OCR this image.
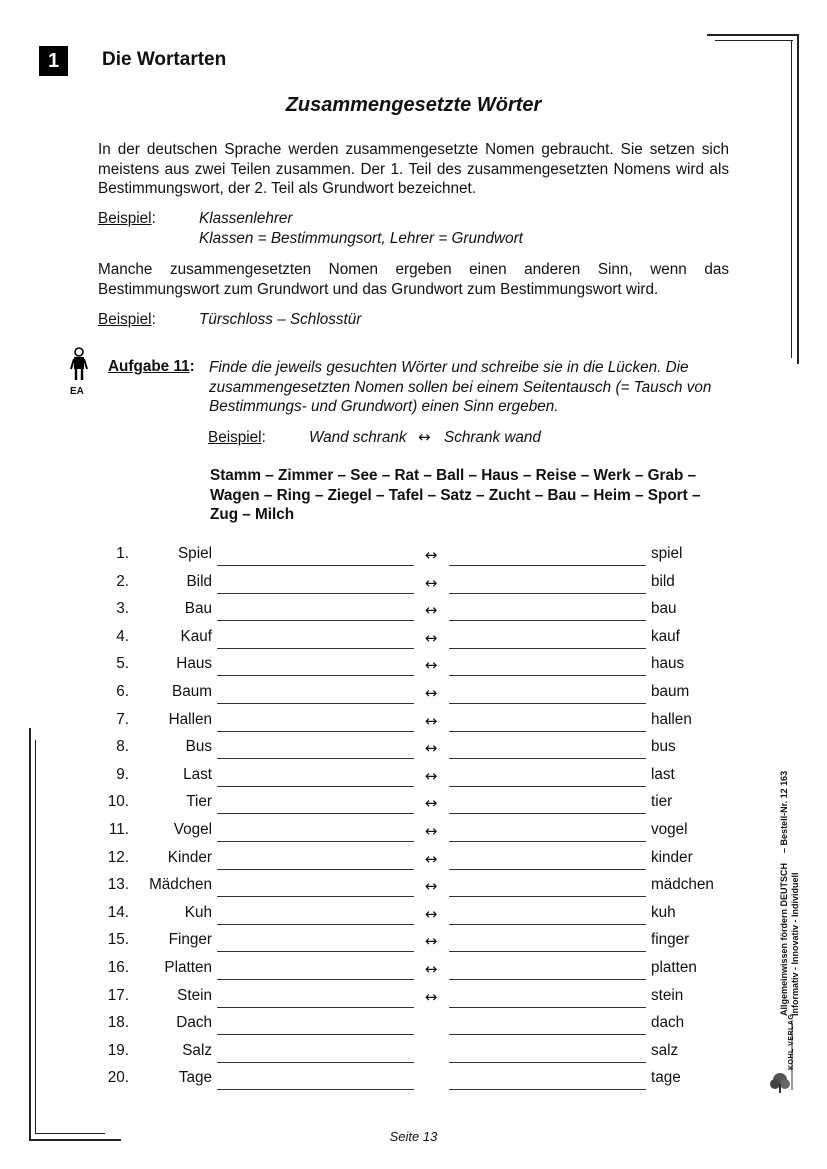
1	Die Wortarten
Zusammengesetzte Wörter
In der deutschen Sprache werden zusammengesetzte Nomen gebraucht. Sie setzen sich meistens aus zwei Teilen zusammen. Der 1. Teil des zusammengesetzten Nomens wird als Bestimmungswort, der 2. Teil als Grundwort bezeichnet.
Beispiel:	Klassenlehrer
Klassen = Bestimmungsort, Lehrer = Grundwort
Manche zusammengesetzten Nomen ergeben einen anderen Sinn, wenn das Bestimmungswort zum Grundwort und das Grundwort zum Bestimmungswort wird.
Beispiel:	Türschloss – Schlosstür
EA
Aufgabe 11: Finde die jeweils gesuchten Wörter und schreibe sie in die Lücken. Die zusammengesetzten Nomen sollen bei einem Seitentausch (= Tausch von Bestimmungs- und Grundwort) einen Sinn ergeben.
Beispiel:	Wand schrank ↔ Schrank wand
Stamm – Zimmer – See – Rat – Ball – Haus – Reise – Werk – Grab –
Wagen – Ring – Ziegel – Tafel – Satz – Zucht – Bau – Heim – Sport –
Zug – Milch
1.	Spiel	↔	spiel
2.	Bild	↔	bild
3.	Bau	↔	bau
4.	Kauf	↔	kauf
5.	Haus	↔	haus
6.	Baum	↔	baum
7.	Hallen	↔	hallen
8.	Bus	↔	bus
9.	Last	↔	last
10.	Tier	↔	tier
11.	Vogel	↔	vogel
12.	Kinder	↔	kinder
13.	Mädchen	↔	mädchen
14.	Kuh	↔	kuh
15.	Finger	↔	finger
16.	Platten	↔	platten
17.	Stein	↔	stein
18.	Dach	dach
19.	Salz	salz
20.	Tage	tage
Allgemeinwissen fördern DEUTSCH    – Bestell-Nr. 12 163
Informativ - Innovativ - Individuell
KOHL VERLAG
Seite 13
